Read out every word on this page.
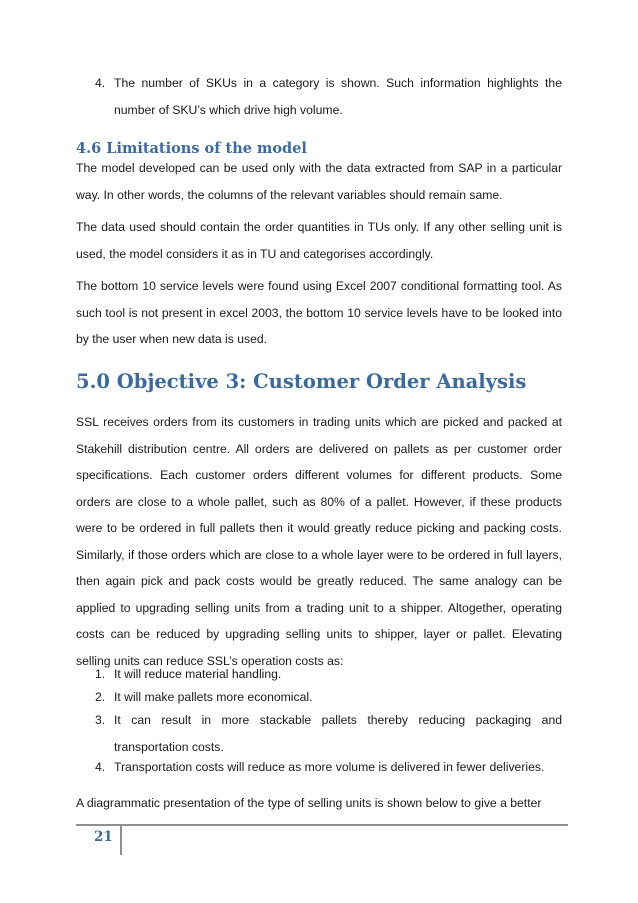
4. The number of SKUs in a category is shown. Such information highlights the number of SKU’s which drive high volume.
4.6 Limitations of the model

The model developed can be used only with the data extracted from SAP in a particular way. In other words, the columns of the relevant variables should remain same.

The data used should contain the order quantities in TUs only. If any other selling unit is used, the model considers it as in TU and categorises accordingly.

The bottom 10 service levels were found using Excel 2007 conditional formatting tool. As such tool is not present in excel 2003, the bottom 10 service levels have to be looked into by the user when new data is used.

5.0 Objective 3: Customer Order Analysis

SSL receives orders from its customers in trading units which are picked and packed at Stakehill distribution centre. All orders are delivered on pallets as per customer order specifications. Each customer orders different volumes for different products. Some orders are close to a whole pallet, such as 80% of a pallet. However, if these products were to be ordered in full pallets then it would greatly reduce picking and packing costs. Similarly, if those orders which are close to a whole layer were to be ordered in full layers, then again pick and pack costs would be greatly reduced. The same analogy can be applied to upgrading selling units from a trading unit to a shipper. Altogether, operating costs can be reduced by upgrading selling units to shipper, layer or pallet. Elevating selling units can reduce SSL’s operation costs as:

1. It will reduce material handling.
2. It will make pallets more economical.
3. It can result in more stackable pallets thereby reducing packaging and transportation costs.
4. Transportation costs will reduce as more volume is delivered in fewer deliveries.

A diagrammatic presentation of the type of selling units is shown below to give a better

21
